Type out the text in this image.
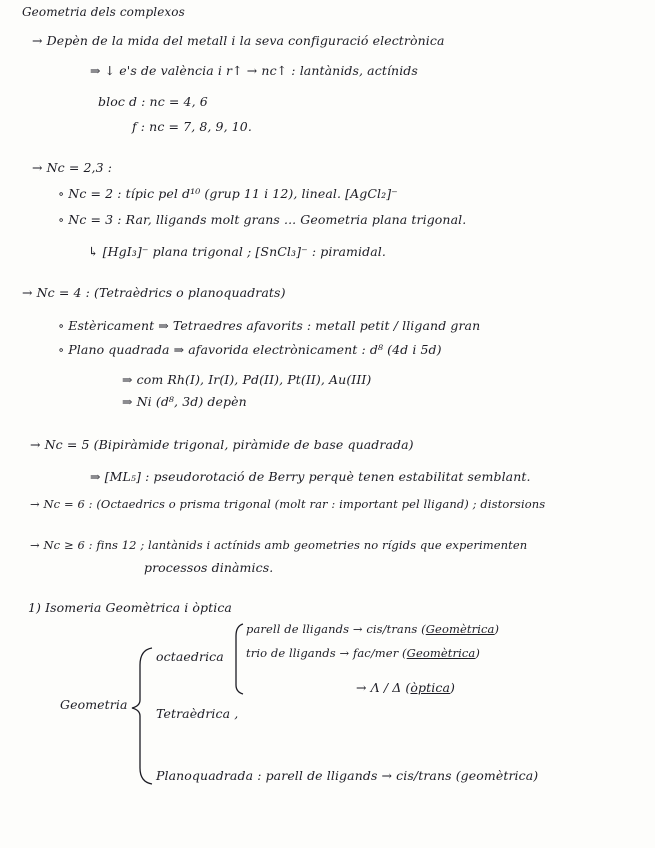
Geometria dels complexos
→ Depèn de la mida del metall i la seva configuració electrònica
⇒ ↓ e's de valència i r↑ → nc↑ : lantànids, actínids
bloc d : nc = 4, 6
f : nc = 7, 8, 9, 10.
→ Nc = 2,3 :
∘ Nc = 2 : típic pel d¹⁰ (grup 11 i 12), lineal. [AgCl₂]⁻
∘ Nc = 3 : Rar, lligands molt grans ... Geometria plana trigonal.
↳ [HgI₃]⁻ plana trigonal ; [SnCl₃]⁻ : piramidal.
→ Nc = 4 : (Tetraèdrics o planoquadrats)
∘ Estèricament ⇒ Tetraedres afavorits : metall petit / lligand gran
∘ Plano quadrada ⇒ afavorida electrònicament : d⁸ (4d i 5d)
⇒ com Rh(I), Ir(I), Pd(II), Pt(II), Au(III)
⇒ Ni (d⁸, 3d) depèn
→ Nc = 5 (Bipiràmide trigonal, piràmide de base quadrada)
⇒ [ML₅] : pseudorotació de Berry perquè tenen estabilitat semblant.
→ Nc = 6 : (Octaedrics o prisma trigonal (molt rar : important pel lligand) ; distorsions
→ Nc ≥ 6 : fins 12 ; lantànids i actínids amb geometries no rígids que experimenten
processos dinàmics.
1) Isomeria Geomètrica i òptica
Geometria
octaedrica
parell de lligands → cis/trans (Geomètrica)
trio de lligands → fac/mer (Geomètrica)
→ Λ / Δ (òptica)
Tetraèdrica ,
Planoquadrada : parell de lligands → cis/trans (geomètrica)
